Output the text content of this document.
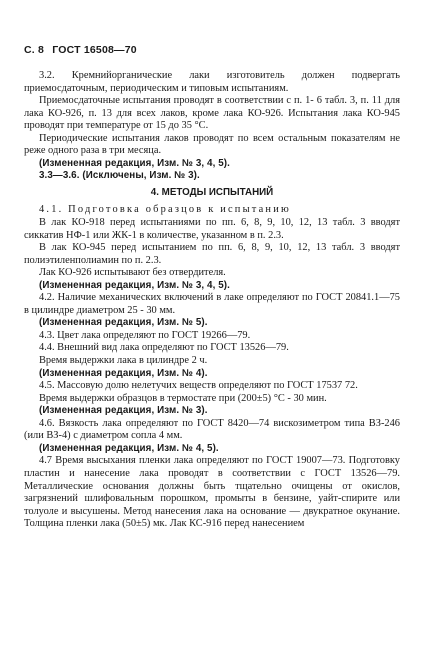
С. 8 ГОСТ 16508—70

3.2. Кремнийорганические лаки изготовитель должен подвергать приемосдаточным, периодическим и типовым испытаниям.

Приемосдаточные испытания проводят в соответствии с п. 1- 6 табл. 3, п. 11 для лака КО-926, п. 13 для всех лаков, кроме лака КО-926. Испытания лака КО-945 проводят при температуре от 15 до 35 °С.

Периодические испытания лаков проводят по всем остальным показателям не реже одного раза в три месяца.

(Измененная редакция, Изм. № 3, 4, 5).

3.3—3.6. (Исключены, Изм. № 3).

4. МЕТОДЫ ИСПЫТАНИЙ

4.1. Подготовка образцов к испытанию

В лак КО-918 перед испытаниями по пп. 6, 8, 9, 10, 12, 13 табл. 3 вводят сиккатив НФ-1 или ЖК-1 в количестве, указанном в п. 2.3.

В лак КО-945 перед испытанием по пп. 6, 8, 9, 10, 12, 13 табл. 3 вводят полиэтиленполиамин по п. 2.3.

Лак КО-926 испытывают без отвердителя.

(Измененная редакция, Изм. № 3, 4, 5).

4.2. Наличие механических включений в лаке определяют по ГОСТ 20841.1—75 в цилиндре диаметром 25 - 30 мм.

(Измененная редакция, Изм. № 5).

4.3. Цвет лака определяют по ГОСТ 19266—79.

4.4. Внешний вид лака определяют по ГОСТ 13526—79.

Время выдержки лака в цилиндре 2 ч.

(Измененная редакция, Изм. № 4).

4.5. Массовую долю нелетучих веществ определяют по ГОСТ 17537 72.

Время выдержки образцов в термостате при (200±5) °С - 30 мин.

(Измененная редакция, Изм. № 3).

4.6. Вязкость лака определяют по ГОСТ 8420—74 вискозиметром типа ВЗ-246 (или ВЗ-4) с диаметром сопла 4 мм.

(Измененная редакция, Изм. № 4, 5).

4.7 Время высыхания пленки лака определяют по ГОСТ 19007—73. Подготовку пластин и нанесение лака проводят в соответствии с ГОСТ 13526—79. Металлические основания должны быть тщательно очищены от окислов, загрязнений шлифовальным порошком, промыты в бензине, уайт-спирите или толуоле и высушены. Метод нанесения лака на основание — двукратное окунание. Толщина пленки лака (50±5) мк. Лак КС-916 перед нанесением
